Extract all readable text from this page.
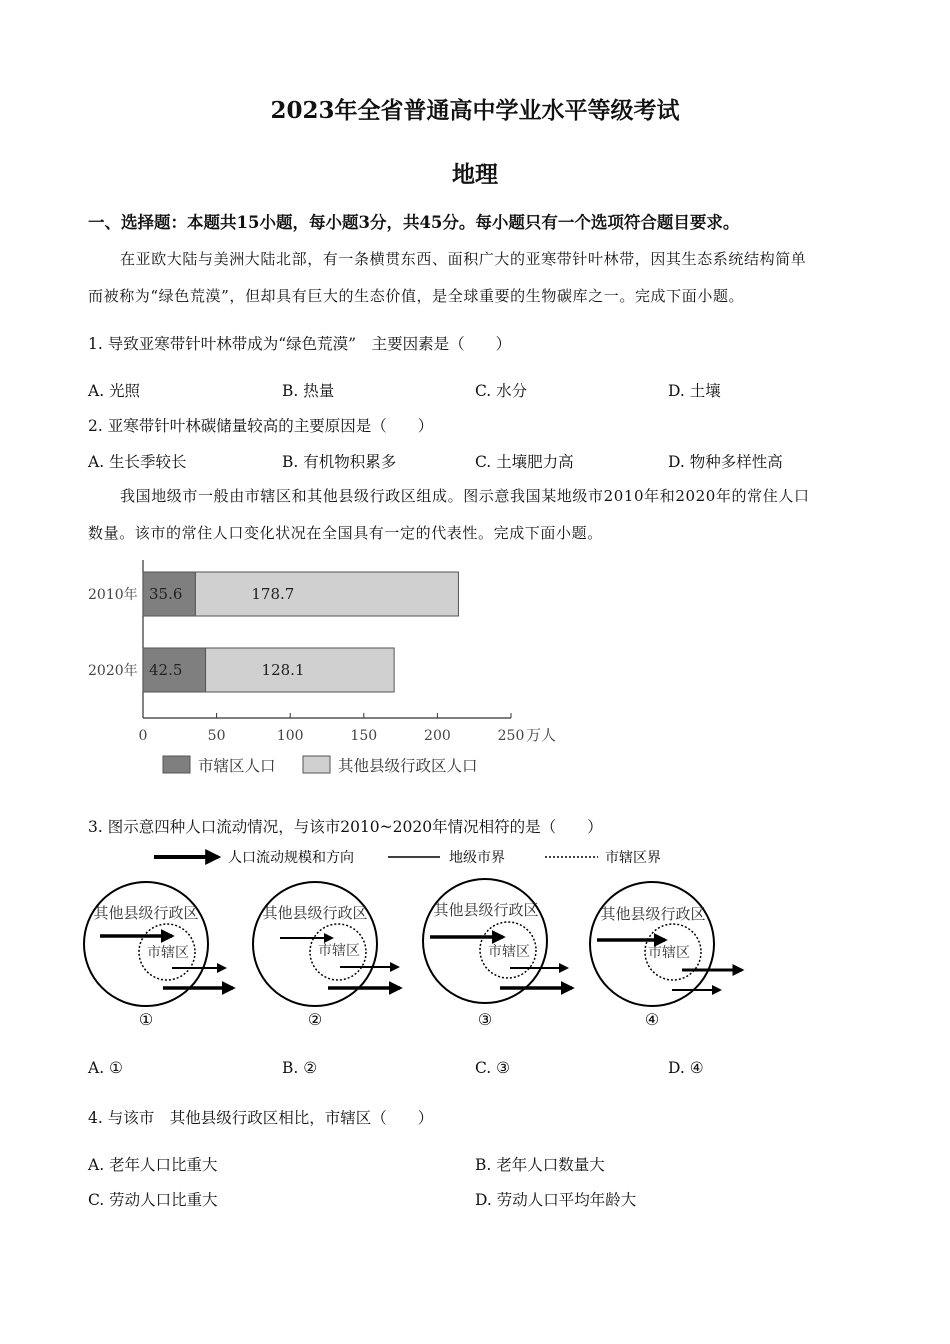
2023年全省普通高中学业水平等级考试
地理
一、选择题：本题共15小题，每小题3分，共45分。每小题只有一个选项符合题目要求。
在亚欧大陆与美洲大陆北部，有一条横贯东西、面积广大的亚寒带针叶林带，因其生态系统结构简单
而被称为“绿色荒漠”，但却具有巨大的生态价值，是全球重要的生物碳库之一。完成下面小题。
1. 导致亚寒带针叶林带成为“绿色荒漠”　主要因素是（　　）
A. 光照	B. 热量	C. 水分	D. 土壤
2. 亚寒带针叶林碳储量较高的主要原因是（　　）
A. 生长季较长	B. 有机物积累多	C. 土壤肥力高	D. 物种多样性高
我国地级市一般由市辖区和其他县级行政区组成。图示意我国某地级市2010年和2020年的常住人口
数量。该市的常住人口变化状况在全国具有一定的代表性。完成下面小题。
0	50	100	150	200	250 万人
2010年 35.6	178.7
2020年 42.5	128.1
市辖区人口	其他县级行政区人口
3. 图示意四种人口流动情况，与该市2010~2020年情况相符的是（　　）
人口流动规模和方向	地级市界	市辖区界
其他县级行政区
市辖区
①
其他县级行政区
市辖区
②
其他县级行政区
市辖区
③
其他县级行政区
市辖区
④
A. ①	B. ②	C. ③	D. ④
4. 与该市　其他县级行政区相比，市辖区（　　）
A. 老年人口比重大	B. 老年人口数量大
C. 劳动人口比重大	D. 劳动人口平均年龄大
